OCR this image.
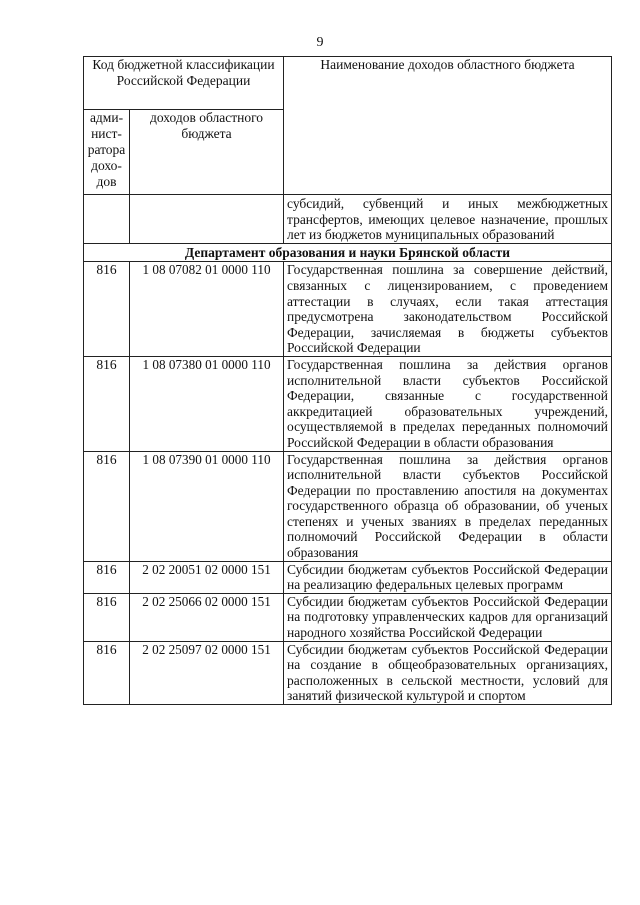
9
Код бюджетной классификации Российской Федерации		Наименование доходов областного бюджета
адми-нист-ратора дохо-дов	доходов областного бюджета	
		субсидий, субвенций и иных межбюджетных трансфертов, имеющих целевое назначение, прошлых лет из бюджетов муниципальных образований
Департамент образования и науки Брянской области		
816	1 08 07082 01 0000 110	Государственная пошлина за совершение действий, связанных с лицензированием, с проведением аттестации в случаях, если такая аттестация предусмотрена законодательством Российской Федерации, зачисляемая в бюджеты субъектов Российской Федерации
816	1 08 07380 01 0000 110	Государственная пошлина за действия органов исполнительной власти субъектов Российской Федерации, связанные с государственной аккредитацией образовательных учреждений, осуществляемой в пределах переданных полномочий Российской Федерации в области образования
816	1 08 07390 01 0000 110	Государственная пошлина за действия органов исполнительной власти субъектов Российской Федерации по проставлению апостиля на документах государственного образца об образовании, об ученых степенях и ученых званиях в пределах переданных полномочий Российской Федерации в области образования
816	2 02 20051 02 0000 151	Субсидии бюджетам субъектов Российской Федерации на реализацию федеральных целевых программ
816	2 02 25066 02 0000 151	Субсидии бюджетам субъектов Российской Федерации на подготовку управленческих кадров для организаций народного хозяйства Российской Федерации
816	2 02 25097 02 0000 151	Субсидии бюджетам субъектов Российской Федерации на создание в общеобразовательных организациях, расположенных в сельской местности, условий для занятий физической культурой и спортом
